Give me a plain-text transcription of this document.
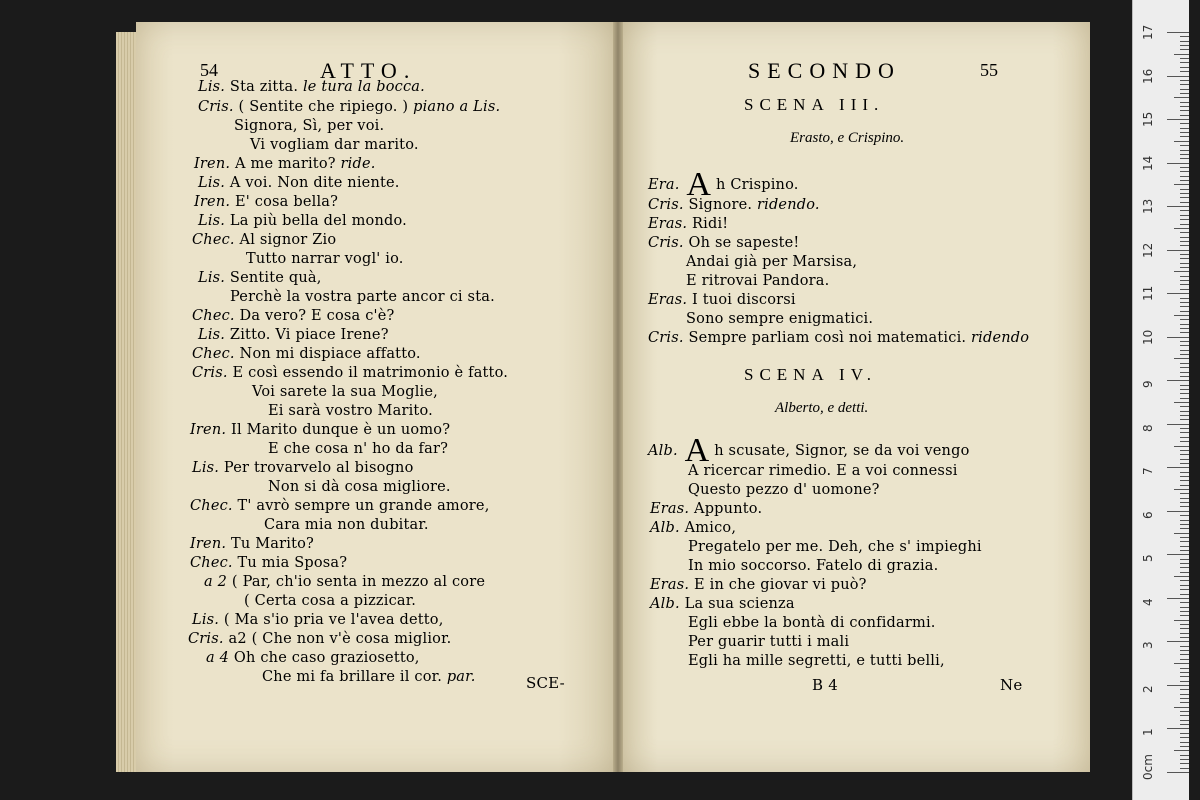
54	ATTO.	SECONDO	55
SCENA III.
Erasto, e Crispino.
SCENA IV.
Alberto, e detti.
Lis. Sta zitta. le tura la bocca.
Cris. ( Sentite che ripiego. ) piano a Lis.
Signora, Sì, per voi.
Vi vogliam dar marito.
Iren. A me marito? ride.
Lis. A voi. Non dite niente.
Iren. E' cosa bella?
Lis. La più bella del mondo.
Chec. Al signor Zio
Tutto narrar vogl' io.
Lis. Sentite quà,
Perchè la vostra parte ancor ci sta.
Chec. Da vero? E cosa c'è?
Lis. Zitto. Vi piace Irene?
Chec. Non mi dispiace affatto.
Cris. E così essendo il matrimonio è fatto.
Voi sarete la sua Moglie,
Ei sarà vostro Marito.
Iren. Il Marito dunque è un uomo?
E che cosa n' ho da far?
Lis. Per trovarvelo al bisogno
Non si dà cosa migliore.
Chec. T' avrò sempre un grande amore,
Cara mia non dubitar.
Iren. Tu Marito?
Chec. Tu mia Sposa?
a 2 ( Par, ch'io senta in mezzo al core
( Certa cosa a pizzicar.
Lis. ( Ma s'io pria ve l'avea detto,
Cris. a2 ( Che non v'è cosa miglior.
a 4 Oh che caso graziosetto,
Che mi fa brillare il cor. par.
Era. A h Crispino.
Cris. Signore. ridendo.
Eras. Ridi!
Cris. Oh se sapeste!
Andai già per Marsisa,
E ritrovai Pandora.
Eras. I tuoi discorsi
Sono sempre enigmatici.
Cris. Sempre parliam così noi matematici. ridendo
Alb. A h scusate, Signor, se da voi vengo
A ricercar rimedio. E a voi connessi
Questo pezzo d' uomone?
Eras. Appunto.
Alb. Amico,
Pregatelo per me. Deh, che s' impieghi
In mio soccorso. Fatelo di grazia.
Eras. E in che giovar vi può?
Alb. La sua scienza
Egli ebbe la bontà di confidarmi.
Per guarir tutti i mali
Egli ha mille segretti, e tutti belli,
SCE-	B 4	Ne
17
16
15
14
13
12
11
10
9
8
7
6
5
4
3
2
1
0cm
